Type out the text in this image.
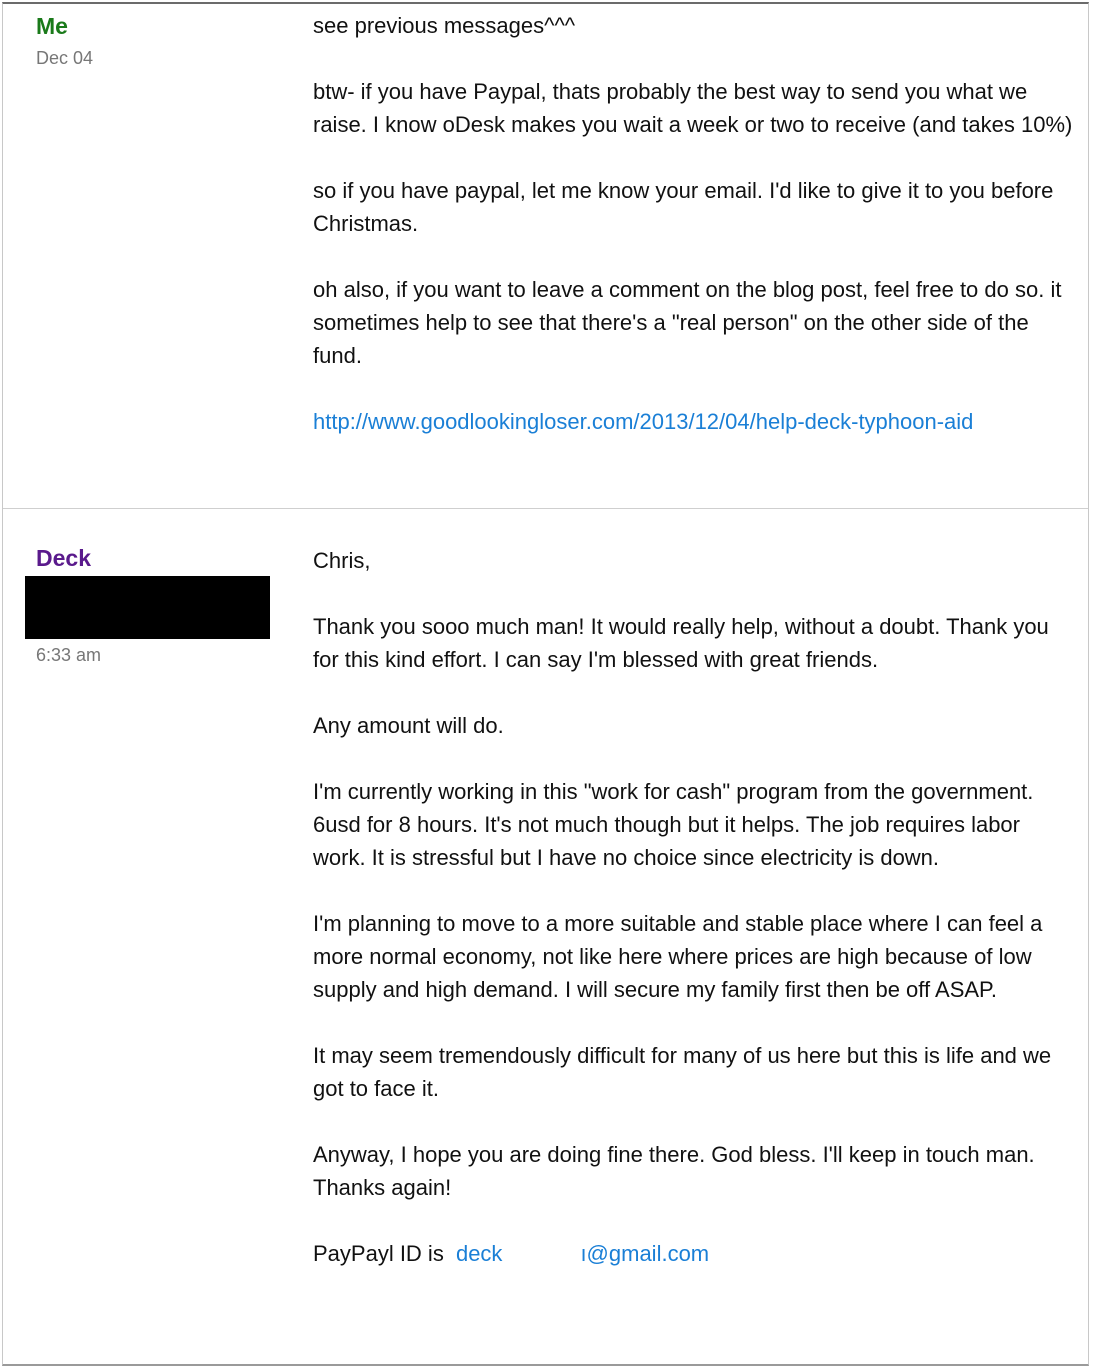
Me
Dec 04

see previous messages^^^

btw- if you have Paypal, thats probably the best way to send you what we raise. I know oDesk makes you wait a week or two to receive (and takes 10%)

so if you have paypal, let me know your email. I'd like to give it to you before Christmas.

oh also, if you want to leave a comment on the blog post, feel free to do so. it sometimes help to see that there's a "real person" on the other side of the fund.

http://www.goodlookingloser.com/2013/12/04/help-deck-typhoon-aid

Deck
6:33 am

Chris,

Thank you sooo much man! It would really help, without a doubt. Thank you for this kind effort. I can say I'm blessed with great friends.

Any amount will do.

I'm currently working in this "work for cash" program from the government. 6usd for 8 hours. It's not much though but it helps. The job requires labor work. It is stressful but I have no choice since electricity is down.

I'm planning to move to a more suitable and stable place where I can feel a more normal economy, not like here where prices are high because of low supply and high demand. I will secure my family first then be off ASAP.

It may seem tremendously difficult for many of us here but this is life and we got to face it.

Anyway, I hope you are doing fine there. God bless. I'll keep in touch man. Thanks again!

PayPayl ID is deck	ı@gmail.com
